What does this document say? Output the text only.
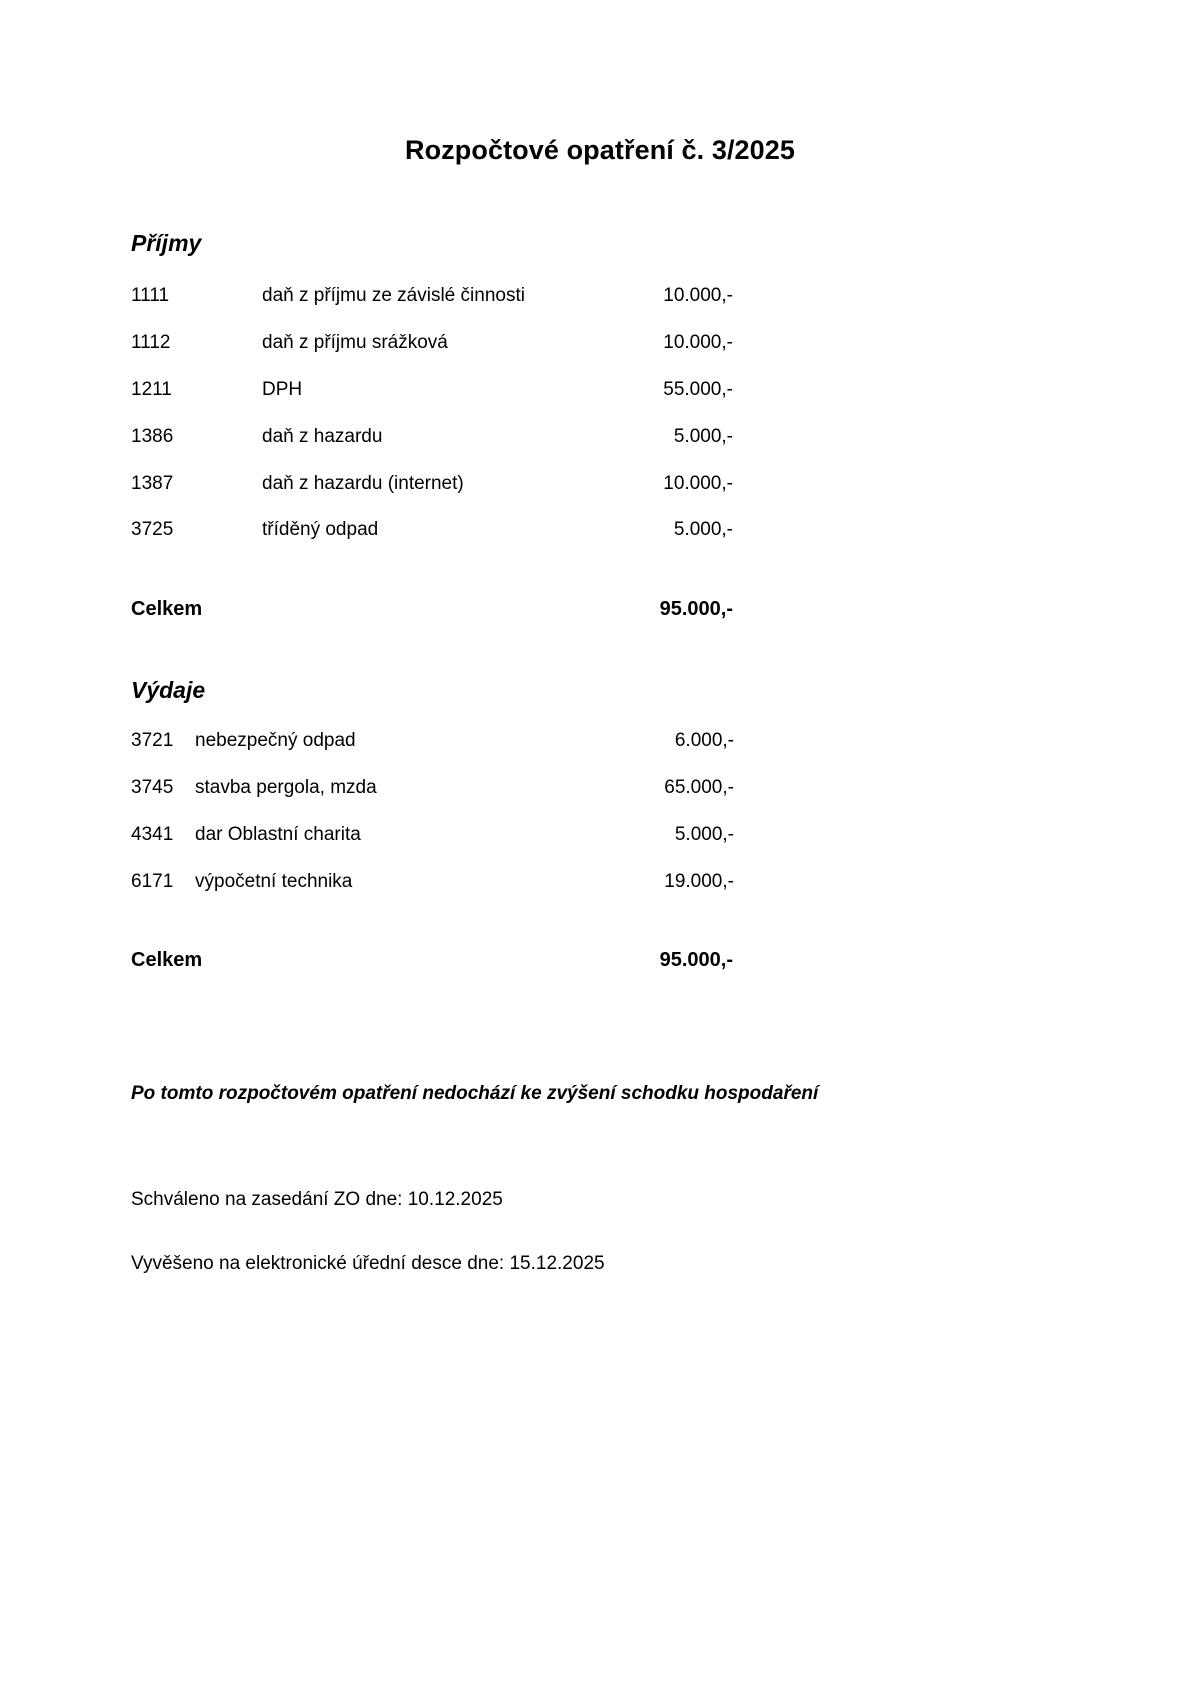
Rozpočtové opatření č. 3/2025
Příjmy
1111	daň z příjmu ze závislé činnosti	10.000,-
1112	daň z příjmu srážková	10.000,-
1211	DPH	55.000,-
1386	daň z hazardu	5.000,-
1387	daň z hazardu (internet)	10.000,-
3725	tříděný odpad	5.000,-
Celkem	95.000,-
Výdaje
3721	nebezpečný odpad	6.000,-
3745	stavba pergola, mzda	65.000,-
4341	dar Oblastní charita	5.000,-
6171	výpočetní technika	19.000,-
Celkem	95.000,-

Po tomto rozpočtovém opatření nedochází ke zvýšení schodku hospodaření

Schváleno na zasedání ZO dne: 10.12.2025

Vyvěšeno na elektronické úřední desce dne: 15.12.2025
